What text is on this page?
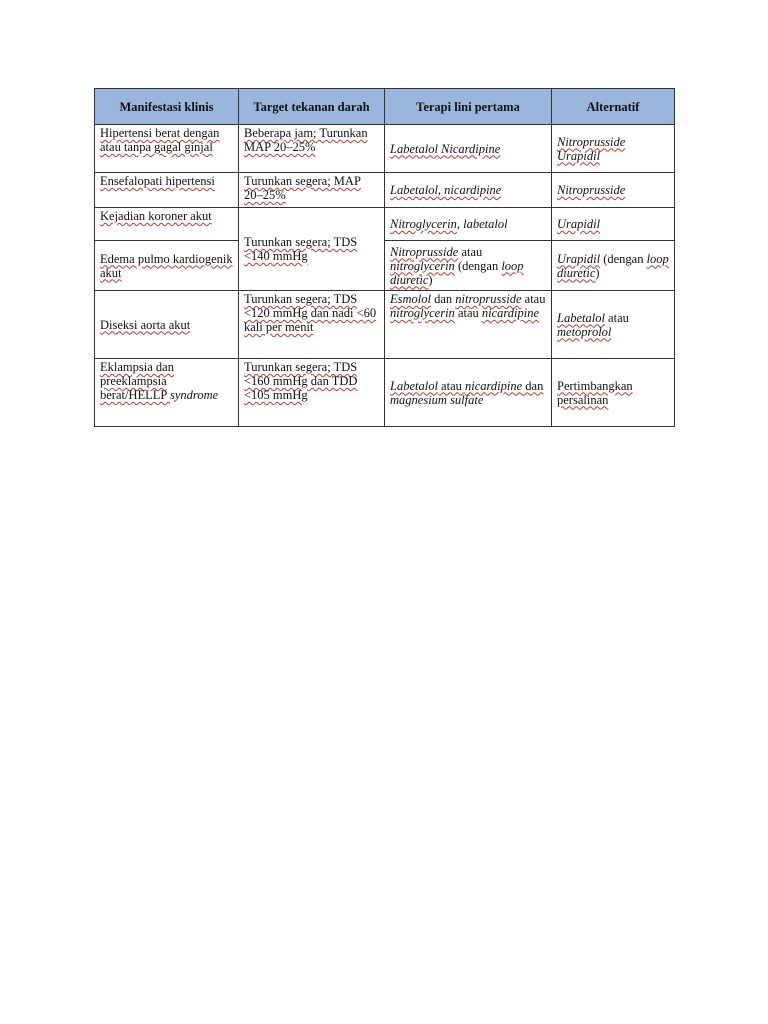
Manifestasi klinis	Target tekanan darah	Terapi lini pertama	Alternatif
Hipertensi berat dengan atau tanpa gagal ginjal	Beberapa jam; Turunkan MAP 20–25%	Labetalol Nicardipine	Nitroprusside Urapidil
Ensefalopati hipertensi	Turunkan segera; MAP 20–25%	Labetalol, nicardipine	Nitroprusside
Kejadian koroner akut	Turunkan segera; TDS <140 mmHg	Nitroglycerin, labetalol	Urapidil
Edema pulmo kardiogenik akut		Nitroprusside atau nitroglycerin (dengan loop diuretic)	Urapidil (dengan loop diuretic)
Diseksi aorta akut	Turunkan segera; TDS <120 mmHg dan nadi <60 kali per menit	Esmolol dan nitroprusside atau nitroglycerin atau nicardipine	Labetalol atau metoprolol
Eklampsia dan preeklampsia berat/HELLP syndrome	Turunkan segera; TDS <160 mmHg dan TDD <105 mmHg	Labetalol atau nicardipine dan magnesium sulfate	Pertimbangkan persalinan
